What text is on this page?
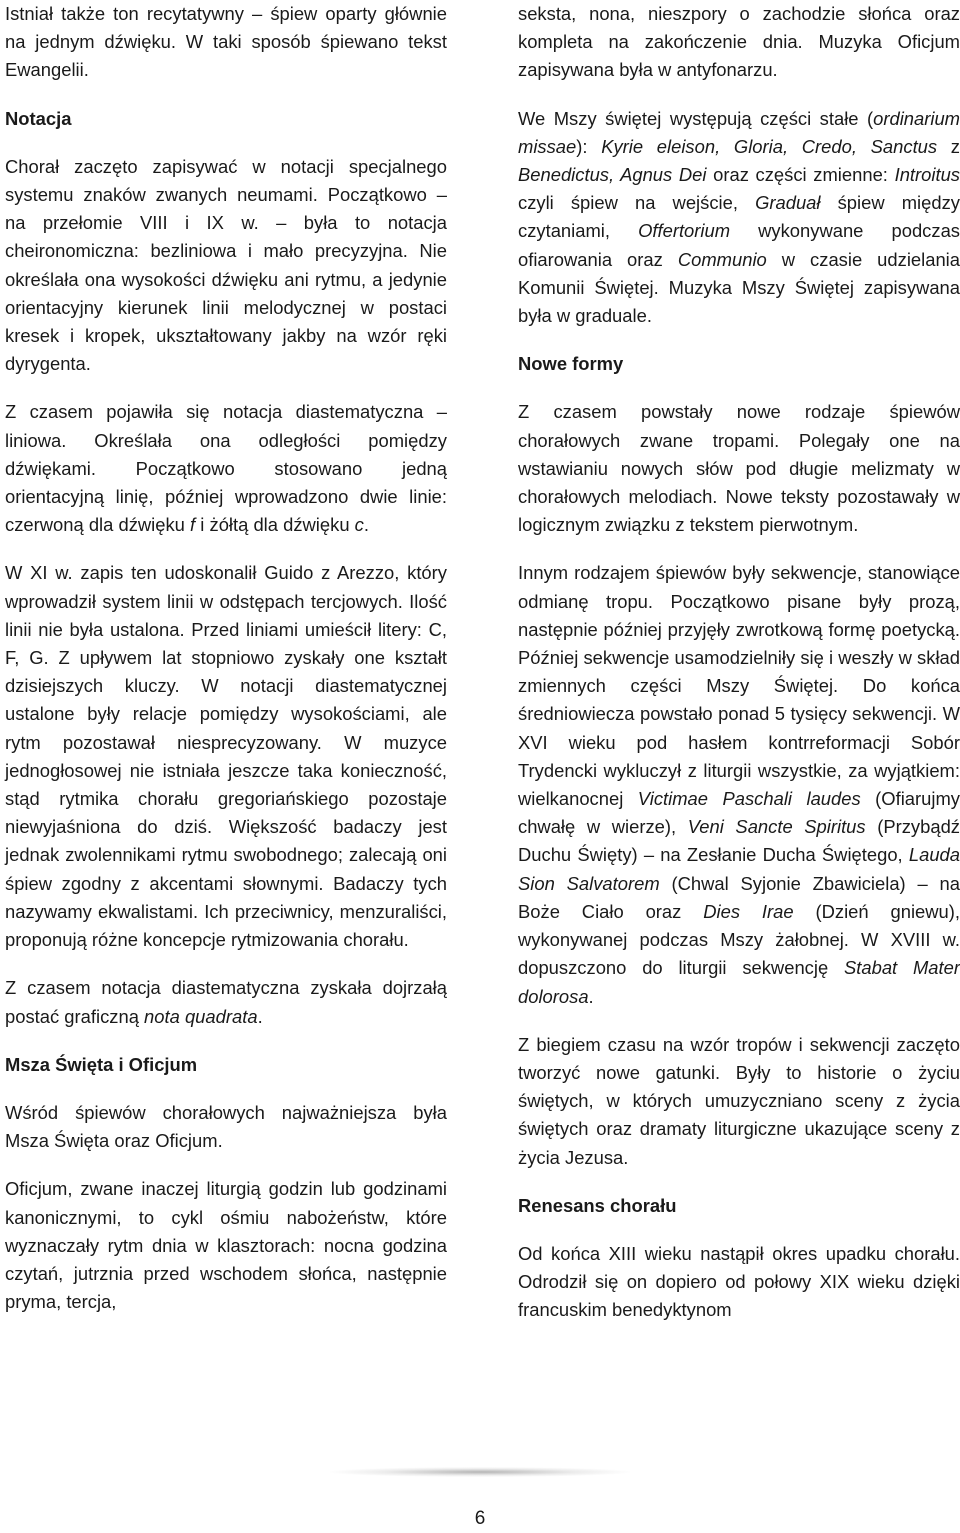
Istniał także ton recytatywny – śpiew oparty głównie na jednym dźwięku. W taki sposób śpiewano tekst Ewangelii.

Notacja

Chorał zaczęto zapisywać w notacji specjalnego systemu znaków zwanych neumami. Początkowo – na przełomie VIII i IX w. – była to notacja cheironomiczna: bezliniowa i mało precyzyjna. Nie określała ona wysokości dźwięku ani rytmu, a jedynie orientacyjny kierunek linii melodycznej w postaci kresek i kropek, ukształtowany jakby na wzór ręki dyrygenta.

Z czasem pojawiła się notacja diastematyczna – liniowa. Określała ona odległości pomiędzy dźwiękami. Początkowo stosowano jedną orientacyjną linię, później wprowadzono dwie linie: czerwoną dla dźwięku f i żółtą dla dźwięku c.

W XI w. zapis ten udoskonalił Guido z Arezzo, który wprowadził system linii w odstępach tercjowych. Ilość linii nie była ustalona. Przed liniami umieścił litery: C, F, G. Z upływem lat stopniowo zyskały one kształt dzisiejszych kluczy. W notacji diastematycznej ustalone były relacje pomiędzy wysokościami, ale rytm pozostawał niesprecyzowany. W muzyce jednogłosowej nie istniała jeszcze taka konieczność, stąd rytmika chorału gregoriańskiego pozostaje niewyjaśniona do dziś. Większość badaczy jest jednak zwolennikami rytmu swobodnego; zalecają oni śpiew zgodny z akcentami słownymi. Badaczy tych nazywamy ekwalistami. Ich przeciwnicy, menzuraliści, proponują różne koncepcje rytmizowania chorału.

Z czasem notacja diastematyczna zyskała dojrzałą postać graficzną nota quadrata.

Msza Święta i Oficjum

Wśród śpiewów chorałowych najważniejsza była Msza Święta oraz Oficjum.

Oficjum, zwane inaczej liturgią godzin lub godzinami kanonicznymi, to cykl ośmiu nabożeństw, które wyznaczały rytm dnia w klasztorach: nocna godzina czytań, jutrznia przed wschodem słońca, następnie pryma, tercja,

seksta, nona, nieszpory o zachodzie słońca oraz kompleta na zakończenie dnia. Muzyka Oficjum zapisywana była w antyfonarzu.

We Mszy świętej występują części stałe (ordinarium missae): Kyrie eleison, Gloria, Credo, Sanctus z Benedictus, Agnus Dei oraz części zmienne: Introitus czyli śpiew na wejście, Graduał śpiew między czytaniami, Offertorium wykonywane podczas ofiarowania oraz Communio w czasie udzielania Komunii Świętej. Muzyka Mszy Świętej zapisywana była w graduale.

Nowe formy

Z czasem powstały nowe rodzaje śpiewów chorałowych zwane tropami. Polegały one na wstawianiu nowych słów pod długie melizmaty w chorałowych melodiach. Nowe teksty pozostawały w logicznym związku z tekstem pierwotnym.

Innym rodzajem śpiewów były sekwencje, stanowiące odmianę tropu. Początkowo pisane były prozą, następnie później przyjęły zwrotkową formę poetycką. Później sekwencje usamodzielniły się i weszły w skład zmiennych części Mszy Świętej. Do końca średniowiecza powstało ponad 5 tysięcy sekwencji. W XVI wieku pod hasłem kontrreformacji Sobór Trydencki wykluczył z liturgii wszystkie, za wyjątkiem: wielkanocnej Victimae Paschali laudes (Ofiarujmy chwałę w wierze), Veni Sancte Spiritus (Przybądź Duchu Święty) – na Zesłanie Ducha Świętego, Lauda Sion Salvatorem (Chwal Syjonie Zbawiciela) – na Boże Ciało oraz Dies Irae (Dzień gniewu), wykonywanej podczas Mszy żałobnej. W XVIII w. dopuszczono do liturgii sekwencję Stabat Mater dolorosa.

Z biegiem czasu na wzór tropów i sekwencji zaczęto tworzyć nowe gatunki. Były to historie o życiu świętych, w których umuzyczniano sceny z życia świętych oraz dramaty liturgiczne ukazujące sceny z życia Jezusa.

Renesans chorału

Od końca XIII wieku nastąpił okres upadku chorału. Odrodził się on dopiero od połowy XIX wieku dzięki francuskim benedyktynom

6
